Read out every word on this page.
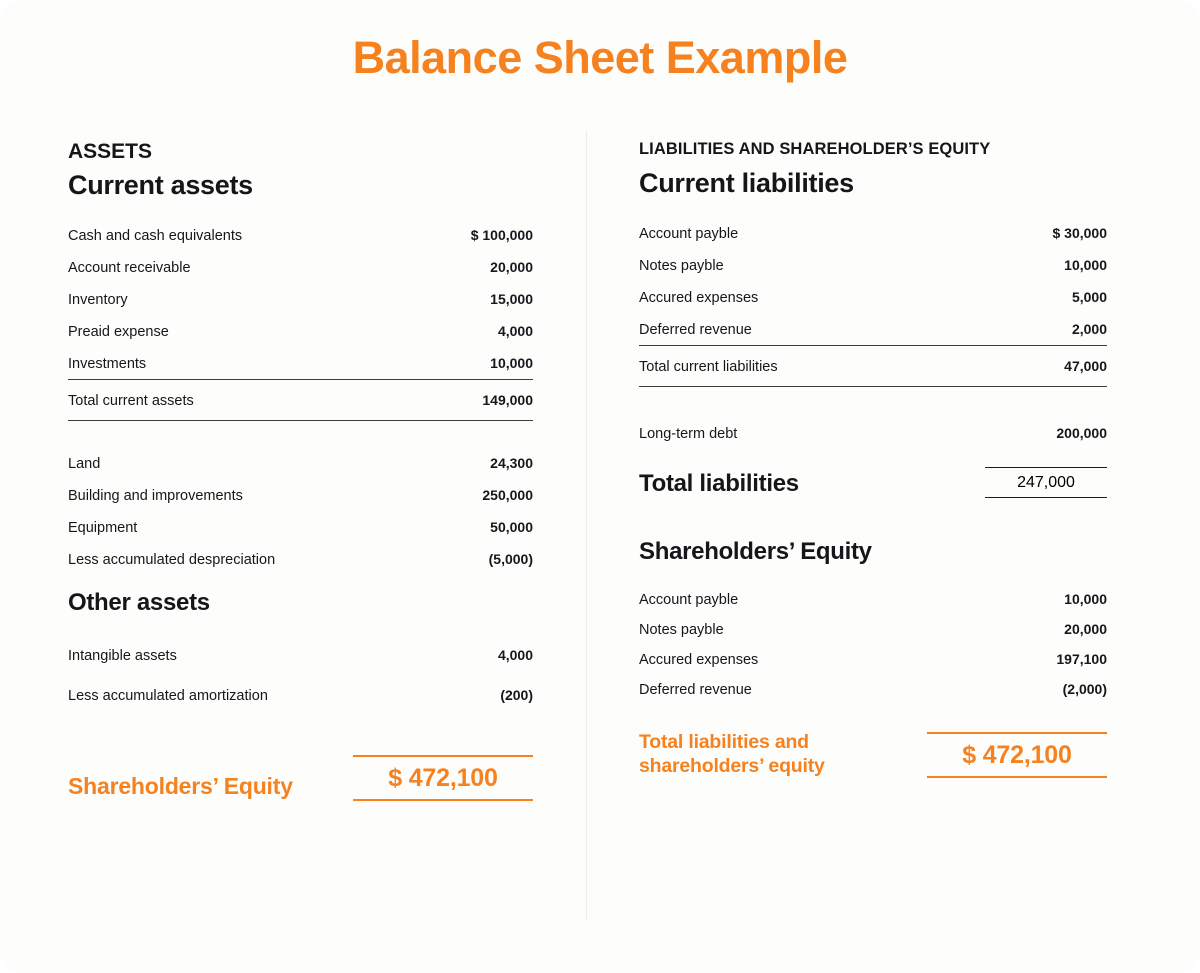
Balance Sheet Example
ASSETS
Current assets
Cash and cash equivalents	$ 100,000
Account receivable	20,000
Inventory	15,000
Preaid expense	4,000
Investments	10,000
Total current assets	149,000
Land	24,300
Building and improvements	250,000
Equipment	50,000
Less accumulated despreciation	(5,000)
Other assets
Intangible assets	4,000
Less accumulated amortization	(200)
Shareholders’ Equity	$ 472,100
LIABILITIES AND SHAREHOLDER’S EQUITY
Current liabilities
Account payble	$ 30,000
Notes payble	10,000
Accured expenses	5,000
Deferred revenue	2,000
Total current liabilities	47,000
Long-term debt	200,000
Total liabilities	247,000
Shareholders’ Equity
Account payble	10,000
Notes payble	20,000
Accured expenses	197,100
Deferred revenue	(2,000)
Total liabilities and shareholders’ equity	$ 472,100
